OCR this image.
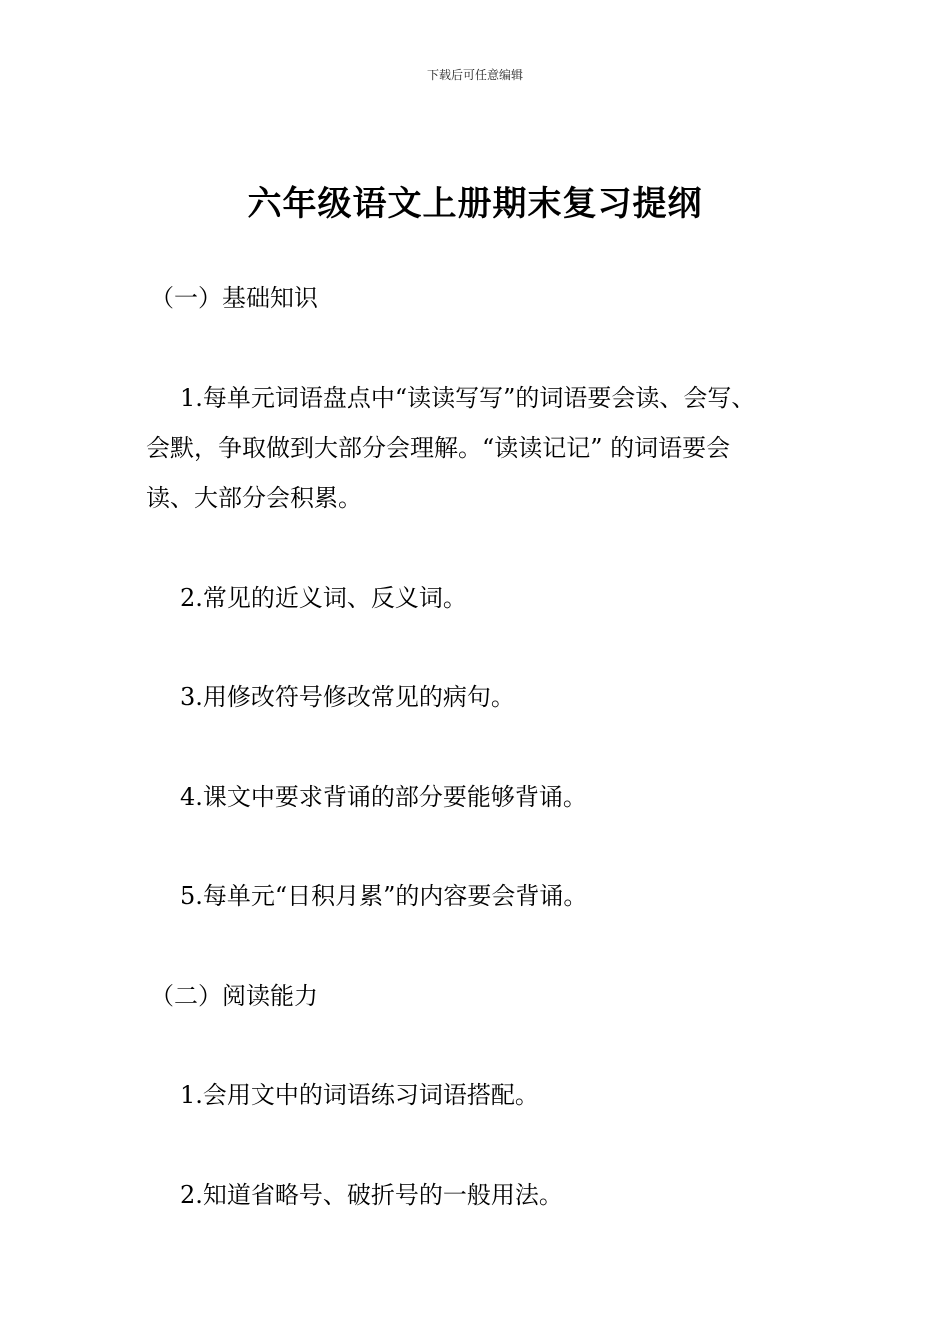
下载后可任意编辑
六年级语文上册期末复习提纲
（一）基础知识
1.每单元词语盘点中“读读写写”的词语要会读、会写、
会默，争取做到大部分会理解。“读读记记” 的词语要会
读、大部分会积累。
2.常见的近义词、反义词。
3.用修改符号修改常见的病句。
4.课文中要求背诵的部分要能够背诵。
5.每单元“日积月累”的内容要会背诵。
（二）阅读能力
1.会用文中的词语练习词语搭配。
2.知道省略号、破折号的一般用法。
